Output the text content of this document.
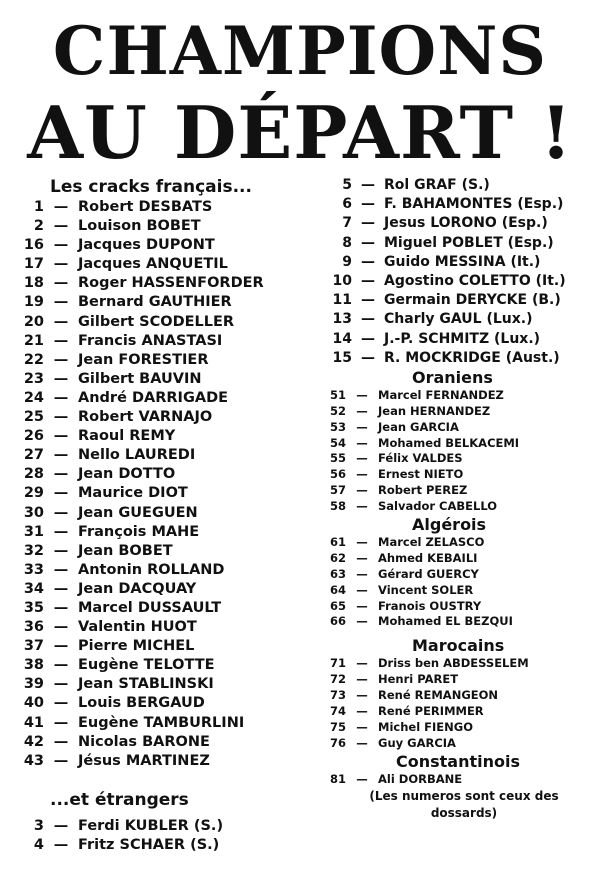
CHAMPIONS
AU DÉPART !
Les cracks français...
1 — Robert DESBATS
2 — Louison BOBET
16 — Jacques DUPONT
17 — Jacques ANQUETIL
18 — Roger HASSENFORDER
19 — Bernard GAUTHIER
20 — Gilbert SCODELLER
21 — Francis ANASTASI
22 — Jean FORESTIER
23 — Gilbert BAUVIN
24 — André DARRIGADE
25 — Robert VARNAJO
26 — Raoul REMY
27 — Nello LAUREDI
28 — Jean DOTTO
29 — Maurice DIOT
30 — Jean GUEGUEN
31 — François MAHE
32 — Jean BOBET
33 — Antonin ROLLAND
34 — Jean DACQUAY
35 — Marcel DUSSAULT
36 — Valentin HUOT
37 — Pierre MICHEL
38 — Eugène TELOTTE
39 — Jean STABLINSKI
40 — Louis BERGAUD
41 — Eugène TAMBURLINI
42 — Nicolas BARONE
43 — Jésus MARTINEZ
...et étrangers
3 — Ferdi KUBLER (S.)
4 — Fritz SCHAER (S.)
5 — Rol GRAF (S.)
6 — F. BAHAMONTES (Esp.)
7 — Jesus LORONO (Esp.)
8 — Miguel POBLET (Esp.)
9 — Guido MESSINA (It.)
10 — Agostino COLETTO (It.)
11 — Germain DERYCKE (B.)
13 — Charly GAUL (Lux.)
14 — J.-P. SCHMITZ (Lux.)
15 — R. MOCKRIDGE (Aust.)
Oraniens
51 — Marcel FERNANDEZ
52 — Jean HERNANDEZ
53 — Jean GARCIA
54 — Mohamed BELKACEMI
55 — Félix VALDES
56 — Ernest NIETO
57 — Robert PEREZ
58 — Salvador CABELLO
Algérois
61 — Marcel ZELASCO
62 — Ahmed KEBAILI
63 — Gérard GUERCY
64 — Vincent SOLER
65 — Franois OUSTRY
66 — Mohamed EL BEZQUI
Marocains
71 — Driss ben ABDESSELEM
72 — Henri PARET
73 — René REMANGEON
74 — René PERIMMER
75 — Michel FIENGO
76 — Guy GARCIA
Constantinois
81 — Ali DORBANE
(Les numeros sont ceux des
dossards)
